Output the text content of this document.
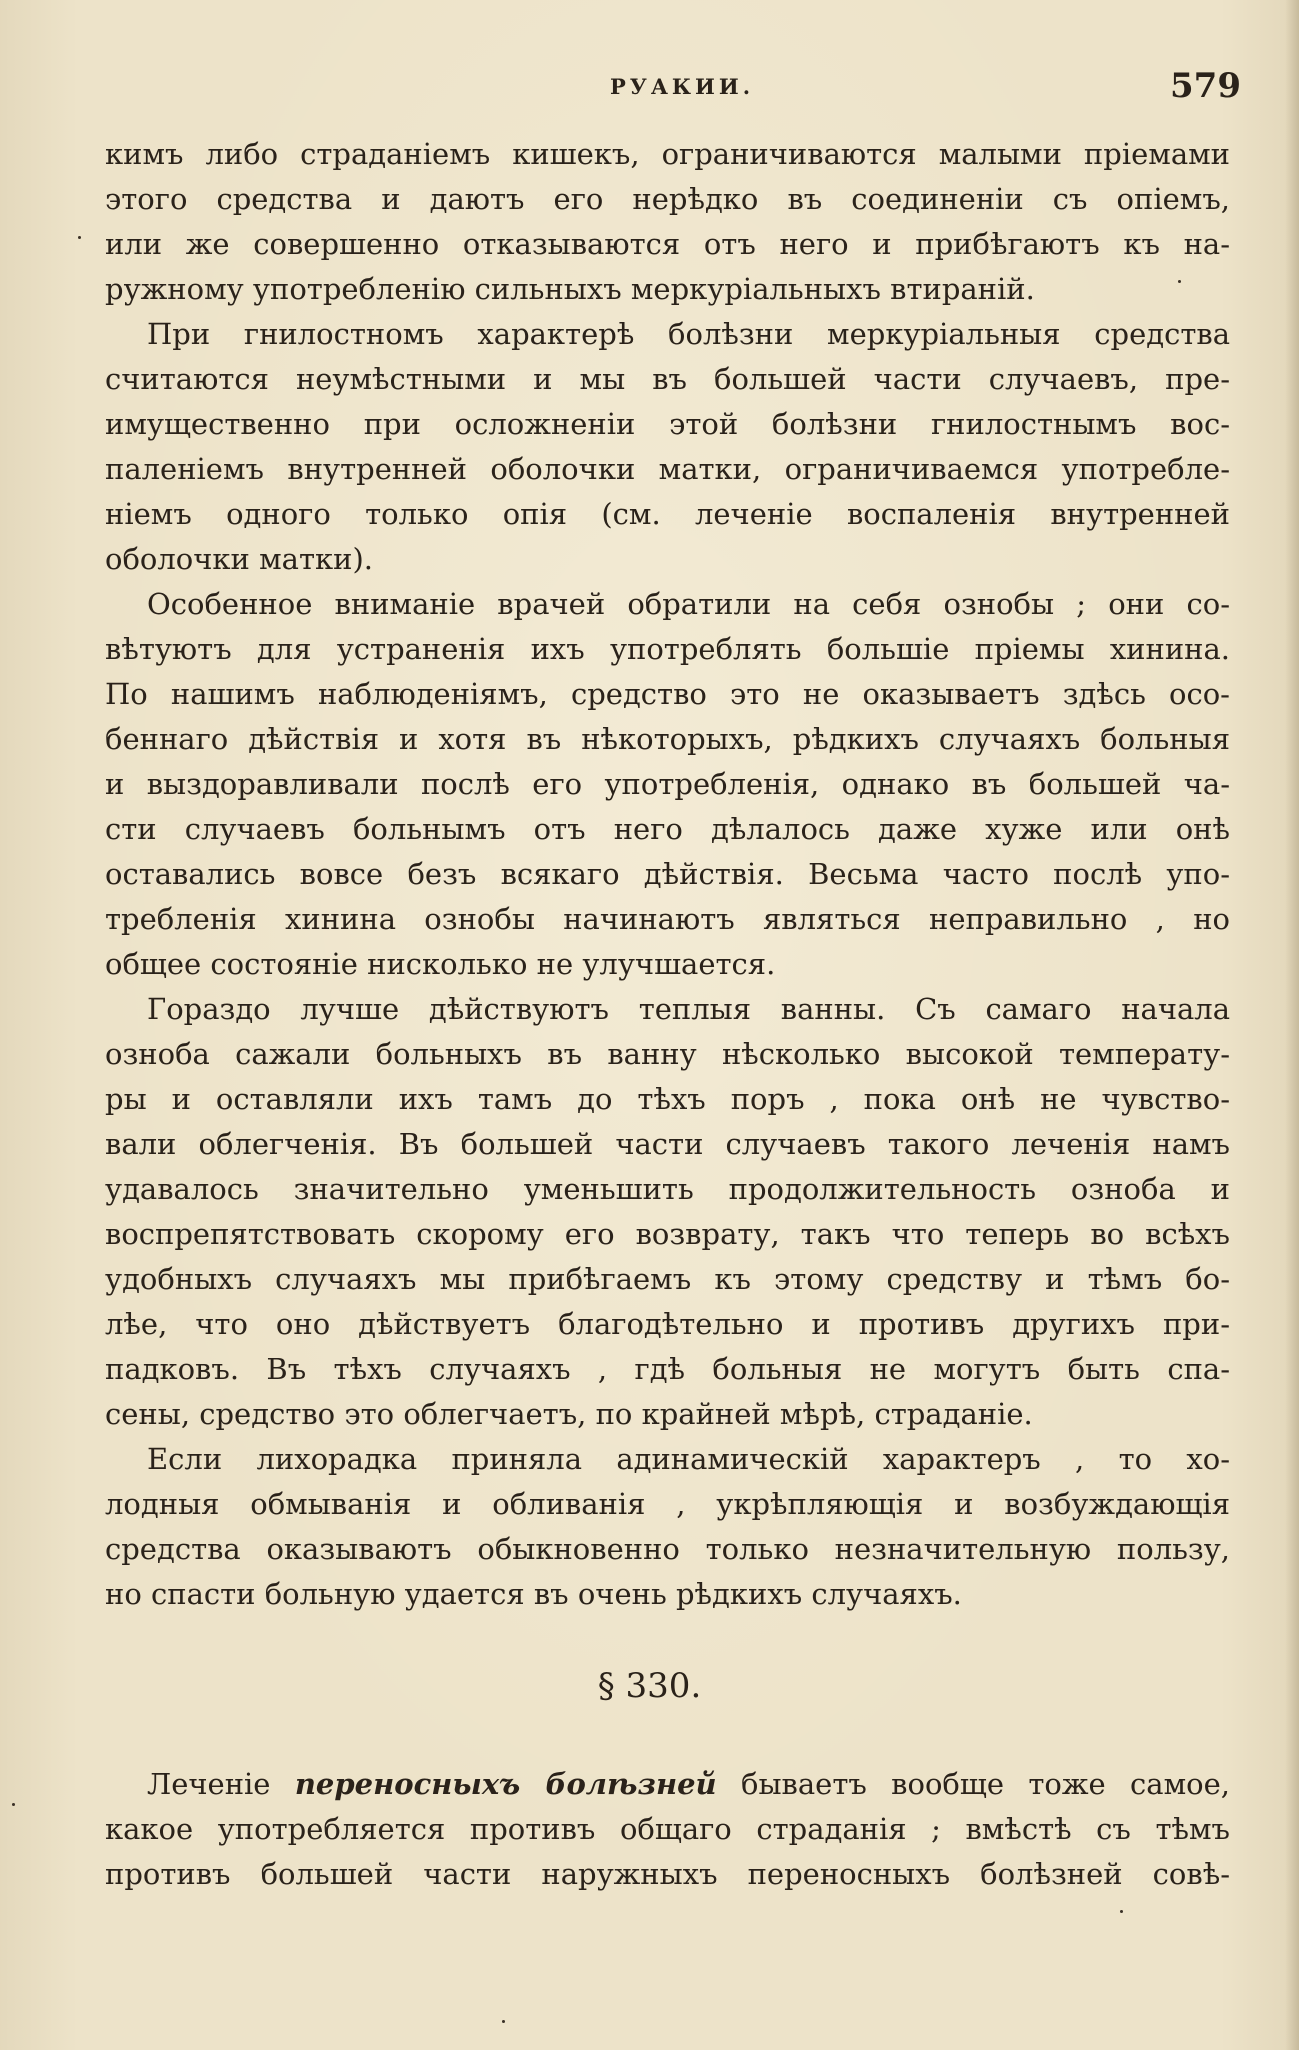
РУАКИИ.	579
кимъ либо страданіемъ кишекъ, ограничиваются малыми пріемами
этого средства и даютъ его нерѣдко въ соединеніи съ опіемъ,
или же совершенно отказываются отъ него и прибѣгаютъ къ на-
ружному употребленію сильныхъ меркуріальныхъ втираній.
При гнилостномъ характерѣ болѣзни меркуріальныя средства
считаются неумѣстными и мы въ большей части случаевъ, пре-
имущественно при осложненіи этой болѣзни гнилостнымъ вос-
паленіемъ внутренней оболочки матки, ограничиваемся употребле-
ніемъ одного только опія (см. леченіе воспаленія внутренней
оболочки матки).
Особенное вниманіе врачей обратили на себя ознобы ; они со-
вѣтуютъ для устраненія ихъ употреблять большіе пріемы хинина.
По нашимъ наблюденіямъ, средство это не оказываетъ здѣсь осо-
беннаго дѣйствія и хотя въ нѣкоторыхъ, рѣдкихъ случаяхъ больныя
и выздоравливали послѣ его употребленія, однако въ большей ча-
сти случаевъ больнымъ отъ него дѣлалось даже хуже или онѣ
оставались вовсе безъ всякаго дѣйствія. Весьма часто послѣ упо-
требленія хинина ознобы начинаютъ являться неправильно , но
общее состояніе нисколько не улучшается.
Гораздо лучше дѣйствуютъ теплыя ванны. Съ самаго начала
озноба сажали больныхъ въ ванну нѣсколько высокой температу-
ры и оставляли ихъ тамъ до тѣхъ поръ , пока онѣ не чувство-
вали облегченія. Въ большей части случаевъ такого леченія намъ
удавалось значительно уменьшить продолжительность озноба и
воспрепятствовать скорому его возврату, такъ что теперь во всѣхъ
удобныхъ случаяхъ мы прибѣгаемъ къ этому средству и тѣмъ бо-
лѣе, что оно дѣйствуетъ благодѣтельно и противъ другихъ при-
падковъ. Въ тѣхъ случаяхъ , гдѣ больныя не могутъ быть спа-
сены, средство это облегчаетъ, по крайней мѣрѣ, страданіе.
Если лихорадка приняла адинамическій характеръ , то хо-
лодныя обмыванія и обливанія , укрѣпляющія и возбуждающія
средства оказываютъ обыкновенно только незначительную пользу,
но спасти больную удается въ очень рѣдкихъ случаяхъ.
§ 330.
Леченіе переносныхъ болѣзней бываетъ вообще тоже самое,
какое употребляется противъ общаго страданія ; вмѣстѣ съ тѣмъ
противъ большей части наружныхъ переносныхъ болѣзней совѣ-
